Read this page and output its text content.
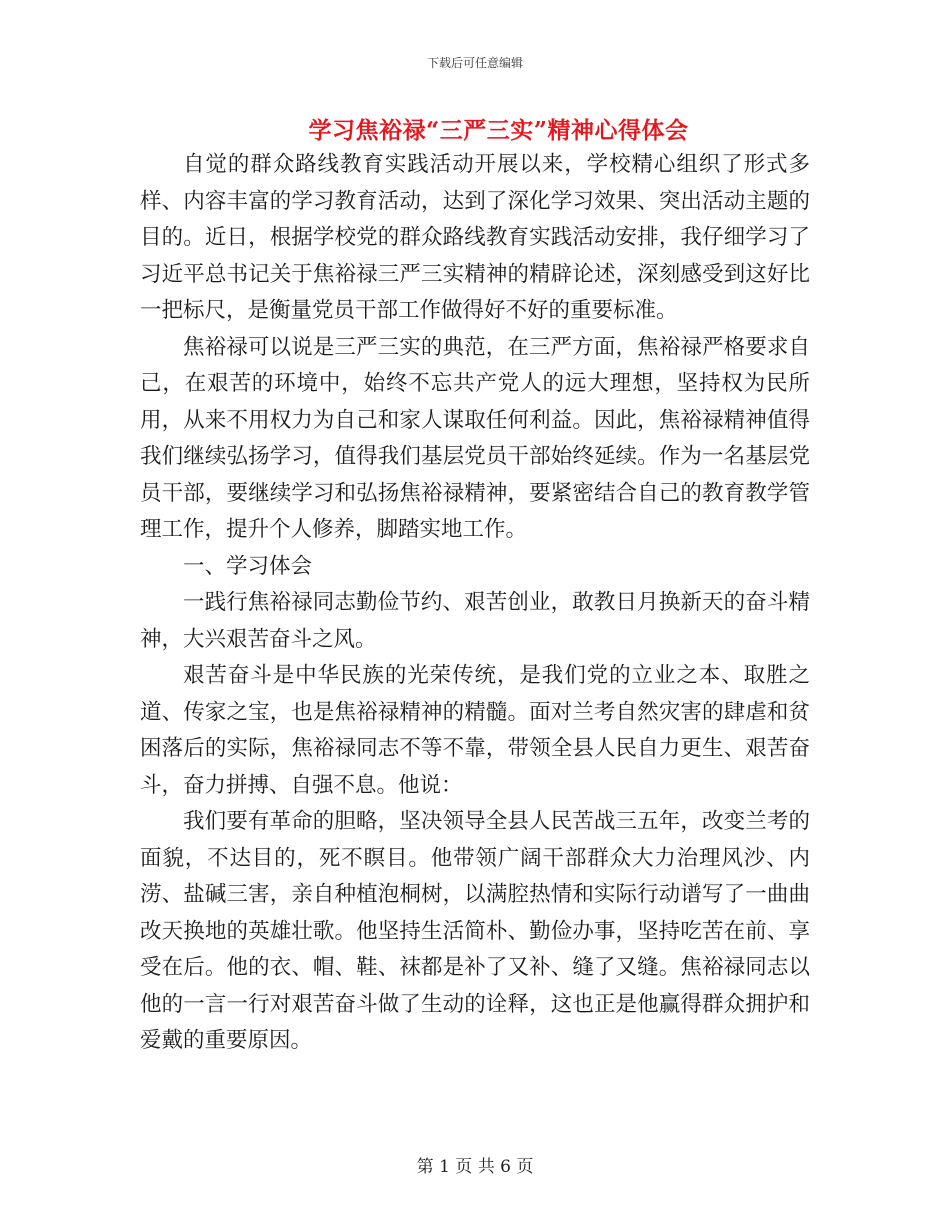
下载后可任意编辑
学习焦裕禄“三严三实”精神心得体会

自觉的群众路线教育实践活动开展以来，学校精心组织了形式多样、内容丰富的学习教育活动，达到了深化学习效果、突出活动主题的目的。近日，根据学校党的群众路线教育实践活动安排，我仔细学习了习近平总书记关于焦裕禄三严三实精神的精辟论述，深刻感受到这好比一把标尺，是衡量党员干部工作做得好不好的重要标准。

焦裕禄可以说是三严三实的典范，在三严方面，焦裕禄严格要求自己，在艰苦的环境中，始终不忘共产党人的远大理想，坚持权为民所用，从来不用权力为自己和家人谋取任何利益。因此，焦裕禄精神值得我们继续弘扬学习，值得我们基层党员干部始终延续。作为一名基层党员干部，要继续学习和弘扬焦裕禄精神，要紧密结合自己的教育教学管理工作，提升个人修养，脚踏实地工作。

一、学习体会

一践行焦裕禄同志勤俭节约、艰苦创业，敢教日月换新天的奋斗精神，大兴艰苦奋斗之风。

艰苦奋斗是中华民族的光荣传统，是我们党的立业之本、取胜之道、传家之宝，也是焦裕禄精神的精髓。面对兰考自然灾害的肆虐和贫困落后的实际，焦裕禄同志不等不靠，带领全县人民自力更生、艰苦奋斗，奋力拼搏、自强不息。他说：

我们要有革命的胆略，坚决领导全县人民苦战三五年，改变兰考的面貌，不达目的，死不瞑目。他带领广阔干部群众大力治理风沙、内涝、盐碱三害，亲自种植泡桐树，以满腔热情和实际行动谱写了一曲曲改天换地的英雄壮歌。他坚持生活简朴、勤俭办事，坚持吃苦在前、享受在后。他的衣、帽、鞋、袜都是补了又补、缝了又缝。焦裕禄同志以他的一言一行对艰苦奋斗做了生动的诠释，这也正是他赢得群众拥护和爱戴的重要原因。

第 1 页 共 6 页
